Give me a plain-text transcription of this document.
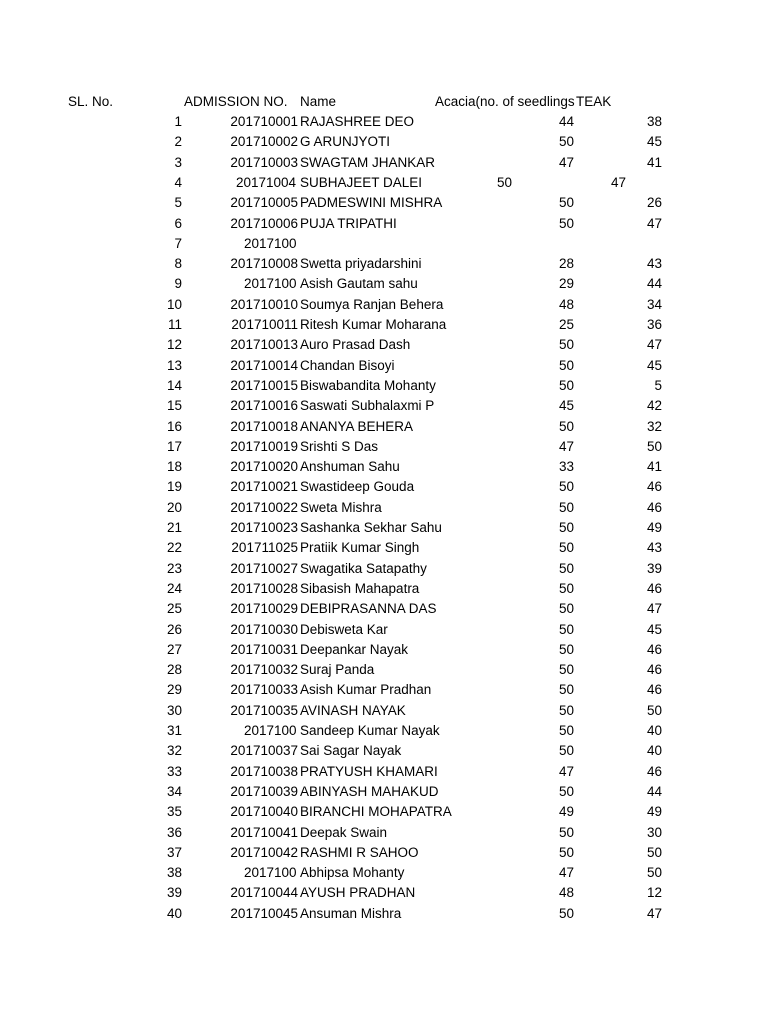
SL. No.	ADMISSION NO. Name	Acacia(no. of seedlings TEAK
1	201710001 RAJASHREE DEO	44	38
2	201710002 G ARUNJYOTI	50	45
3	201710003 SWAGTAM JHANKAR	47	41
4	20171004 SUBHAJEET DALEI	50	47
5	201710005 PADMESWINI MISHRA	50	26
6	201710006 PUJA TRIPATHI	50	47
7	2017100
8	201710008 Swetta priyadarshini	28	43
9	2017100 Asish Gautam sahu	29	44
10	201710010 Soumya Ranjan Behera	48	34
11	201710011 Ritesh Kumar Moharana	25	36
12	201710013 Auro Prasad Dash	50	47
13	201710014 Chandan Bisoyi	50	45
14	201710015 Biswabandita Mohanty	50	5
15	201710016 Saswati Subhalaxmi P	45	42
16	201710018 ANANYA BEHERA	50	32
17	201710019 Srishti S Das	47	50
18	201710020 Anshuman Sahu	33	41
19	201710021 Swastideep Gouda	50	46
20	201710022 Sweta Mishra	50	46
21	201710023 Sashanka Sekhar Sahu	50	49
22	201711025 Pratiik Kumar Singh	50	43
23	201710027 Swagatika Satapathy	50	39
24	201710028 Sibasish Mahapatra	50	46
25	201710029 DEBIPRASANNA DAS	50	47
26	201710030 Debisweta Kar	50	45
27	201710031 Deepankar Nayak	50	46
28	201710032 Suraj Panda	50	46
29	201710033 Asish Kumar Pradhan	50	46
30	201710035 AVINASH NAYAK	50	50
31	2017100 Sandeep Kumar Nayak	50	40
32	201710037 Sai Sagar Nayak	50	40
33	201710038 PRATYUSH KHAMARI	47	46
34	201710039 ABINYASH MAHAKUD	50	44
35	201710040 BIRANCHI MOHAPATRA	49	49
36	201710041 Deepak Swain	50	30
37	201710042 RASHMI R SAHOO	50	50
38	2017100 Abhipsa Mohanty	47	50
39	201710044 AYUSH PRADHAN	48	12
40	201710045 Ansuman Mishra	50	47
